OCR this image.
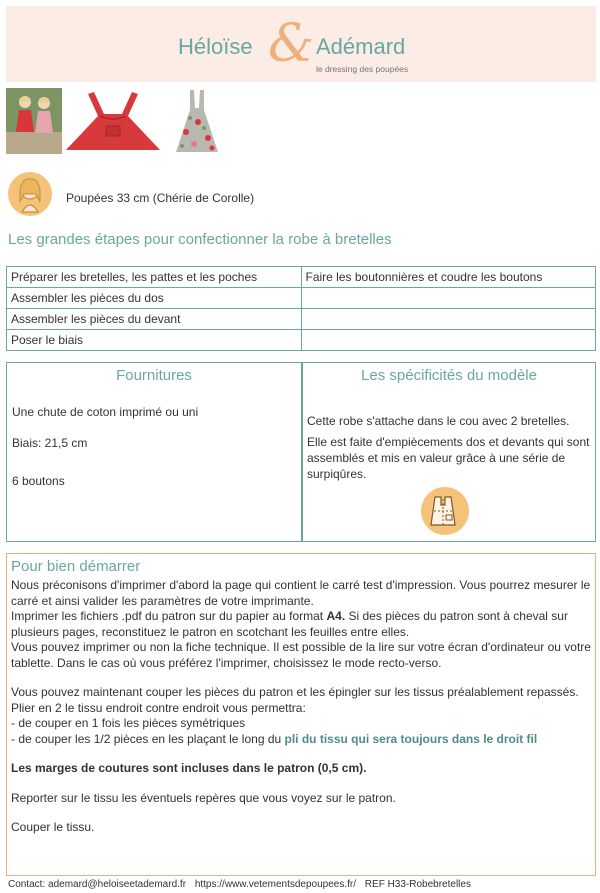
Héloïse & Adémard
le dressing des poupées
Poupées 33 cm (Chérie de Corolle)
Les grandes étapes pour confectionner la robe à bretelles
Préparer les bretelles, les pattes et les poches	Faire les boutonnières et coudre les boutons
Assembler les pièces du dos	
Assembler les pièces du devant	
Poser le biais	
Fournitures
Une chute de coton imprimé ou uni
Biais: 21,5 cm
6 boutons
Les spécificités du modèle
Cette robe s'attache dans le cou avec 2 bretelles.
Elle est faite d'empiècements dos et devants qui sont assemblés et mis en valeur grâce à une série de surpiqûres.
Pour bien démarrer

Nous préconisons d'imprimer d'abord la page qui contient le carré test d'impression. Vous pourrez mesurer le carré et ainsi valider les paramètres de votre imprimante.

Imprimer les fichiers .pdf du patron sur du papier au format A4. Si des pièces du patron sont à cheval sur plusieurs pages, reconstituez le patron en scotchant les feuilles entre elles.

Vous pouvez imprimer ou non la fiche technique. Il est possible de la lire sur votre écran d'ordinateur ou votre tablette. Dans le cas où vous préférez l'imprimer, choisissez le mode recto-verso.

Vous pouvez maintenant couper les pièces du patron et les épingler sur les tissus préalablement repassés.

Plier en 2 le tissu endroit contre endroit vous permettra:

- de couper en 1 fois les pièces symétriques

- de couper les 1/2 pièces en les plaçant le long du pli du tissu qui sera toujours dans le droit fil

Les marges de coutures sont incluses dans le patron (0,5 cm).

Reporter sur le tissu les éventuels repères que vous voyez sur le patron.

Couper le tissu.

Contact: ademard@heloiseetademard.fr https://www.vetementsdepoupees.fr/ REF H33-Robebretelles
